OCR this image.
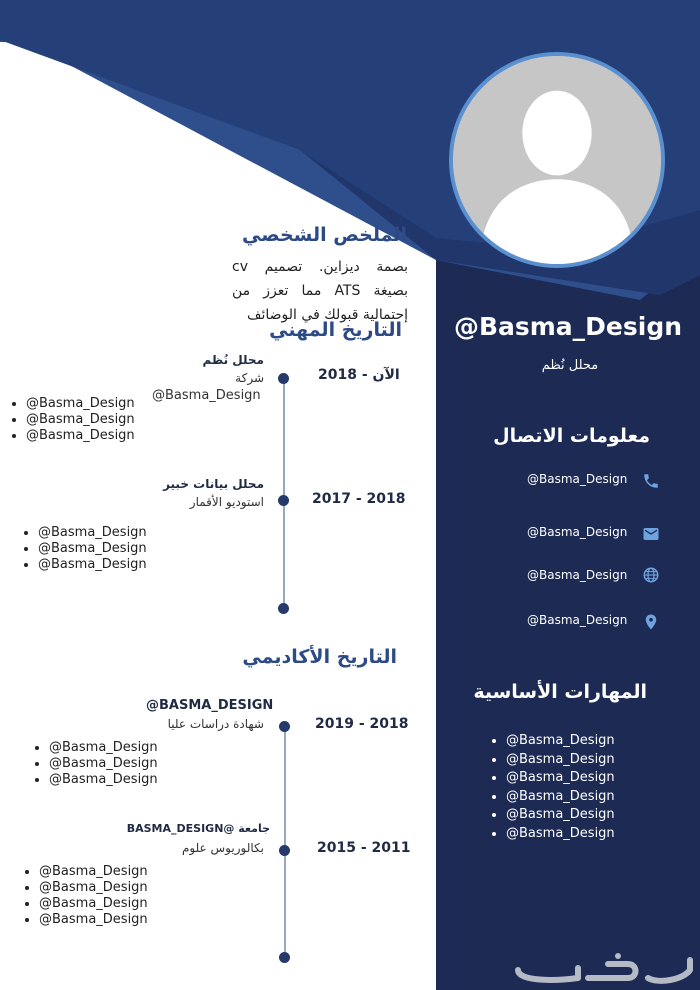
الملخص الشخصي
بصمة ديزاين. تصميم cv بصيغة ATS مما تعزز من إحتمالية قبولك في الوضائف
التاريخ المهني
الآن - 2018
محلل نُظم
شركة
@Basma_Design
• @Basma_Design
• @Basma_Design
• @Basma_Design
2017 - 2018
محلل بيانات خبير
استوديو الأقمار
• @Basma_Design
• @Basma_Design
• @Basma_Design
التاريخ الأكاديمي
2018 - 2019
@BASMA_DESIGN
شهادة دراسات عليا
• @Basma_Design
• @Basma_Design
• @Basma_Design
2011 - 2015
جامعة @BASMA_DESIGN
بكالوريوس علوم
• @Basma_Design
• @Basma_Design
• @Basma_Design
• @Basma_Design
@Basma_Design
محلل نُظم
معلومات الاتصال
@Basma_Design
@Basma_Design
@Basma_Design
@Basma_Design
المهارات الأساسية
• @Basma_Design
• @Basma_Design
• @Basma_Design
• @Basma_Design
• @Basma_Design
• @Basma_Design
